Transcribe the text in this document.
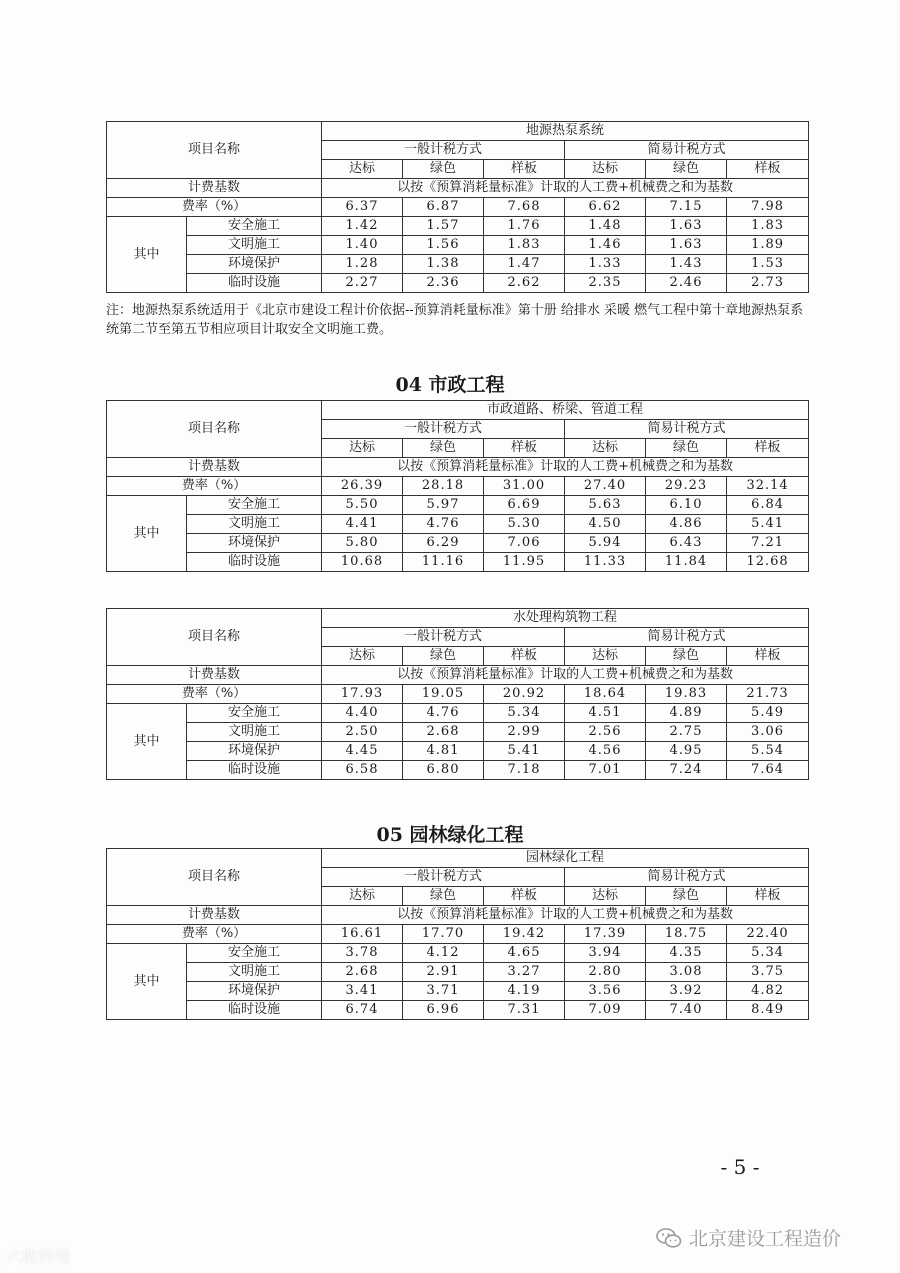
项目名称		地源热泵系统					
		一般计税方式			简易计税方式		
		达标	绿色	样板	达标	绿色	样板
计费基数		以按《预算消耗量标准》计取的人工费+机械费之和为基数					
费率（%）		6.37	6.87	7.68	6.62	7.15	7.98
其中	安全施工	1.42	1.57	1.76	1.48	1.63	1.83
	文明施工	1.40	1.56	1.83	1.46	1.63	1.89
	环境保护	1.28	1.38	1.47	1.33	1.43	1.53
	临时设施	2.27	2.36	2.62	2.35	2.46	2.73

注：地源热泵系统适用于《北京市建设工程计价依据--预算消耗量标准》第十册 给排水 采暖 燃气工程中第十章地源热泵系统第二节至第五节相应项目计取安全文明施工费。

04 市政工程
项目名称		市政道路、桥梁、管道工程					
		一般计税方式			简易计税方式		
		达标	绿色	样板	达标	绿色	样板
计费基数		以按《预算消耗量标准》计取的人工费+机械费之和为基数					
费率（%）		26.39	28.18	31.00	27.40	29.23	32.14
其中	安全施工	5.50	5.97	6.69	5.63	6.10	6.84
	文明施工	4.41	4.76	5.30	4.50	4.86	5.41
	环境保护	5.80	6.29	7.06	5.94	6.43	7.21
	临时设施	10.68	11.16	11.95	11.33	11.84	12.68
项目名称		水处理构筑物工程					
		一般计税方式			简易计税方式		
		达标	绿色	样板	达标	绿色	样板
计费基数		以按《预算消耗量标准》计取的人工费+机械费之和为基数					
费率（%）		17.93	19.05	20.92	18.64	19.83	21.73
其中	安全施工	4.40	4.76	5.34	4.51	4.89	5.49
	文明施工	2.50	2.68	2.99	2.56	2.75	3.06
	环境保护	4.45	4.81	5.41	4.56	4.95	5.54
	临时设施	6.58	6.80	7.18	7.01	7.24	7.64
05 园林绿化工程
项目名称		园林绿化工程					
		一般计税方式			简易计税方式		
		达标	绿色	样板	达标	绿色	样板
计费基数		以按《预算消耗量标准》计取的人工费+机械费之和为基数					
费率（%）		16.61	17.70	19.42	17.39	18.75	22.40
其中	安全施工	3.78	4.12	4.65	3.94	4.35	5.34
	文明施工	2.68	2.91	3.27	2.80	3.08	3.75
	环境保护	3.41	3.71	4.19	3.56	3.92	4.82
	临时设施	6.74	6.96	7.31	7.09	7.40	8.49
- 5 -
六敢跨境
北京建设工程造价
